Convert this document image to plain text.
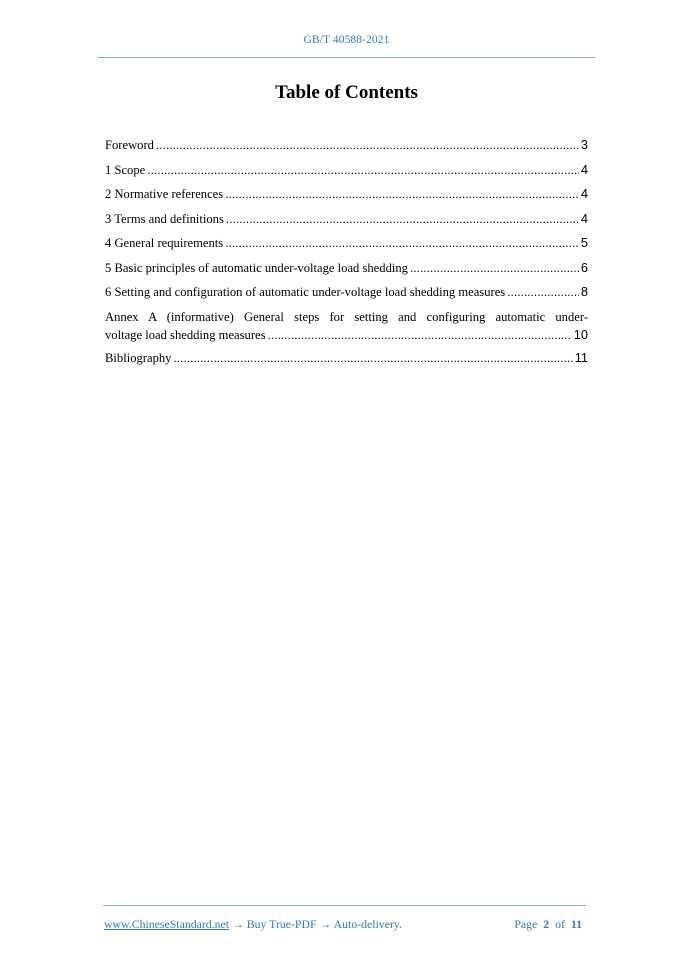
GB/T 40588-2021
Table of Contents
Foreword .....	3
1 Scope .....	4
2 Normative references .....	4
3 Terms and definitions .....	4
4 General requirements .....	5
5 Basic principles of automatic under-voltage load shedding .....	6
6 Setting and configuration of automatic under-voltage load shedding measures .....	8
Annex A (informative) General steps for setting and configuring automatic under-
voltage load shedding measures .....	10
Bibliography .....	11
www.ChineseStandard.net → Buy True-PDF → Auto-delivery.	Page 2 of 11
